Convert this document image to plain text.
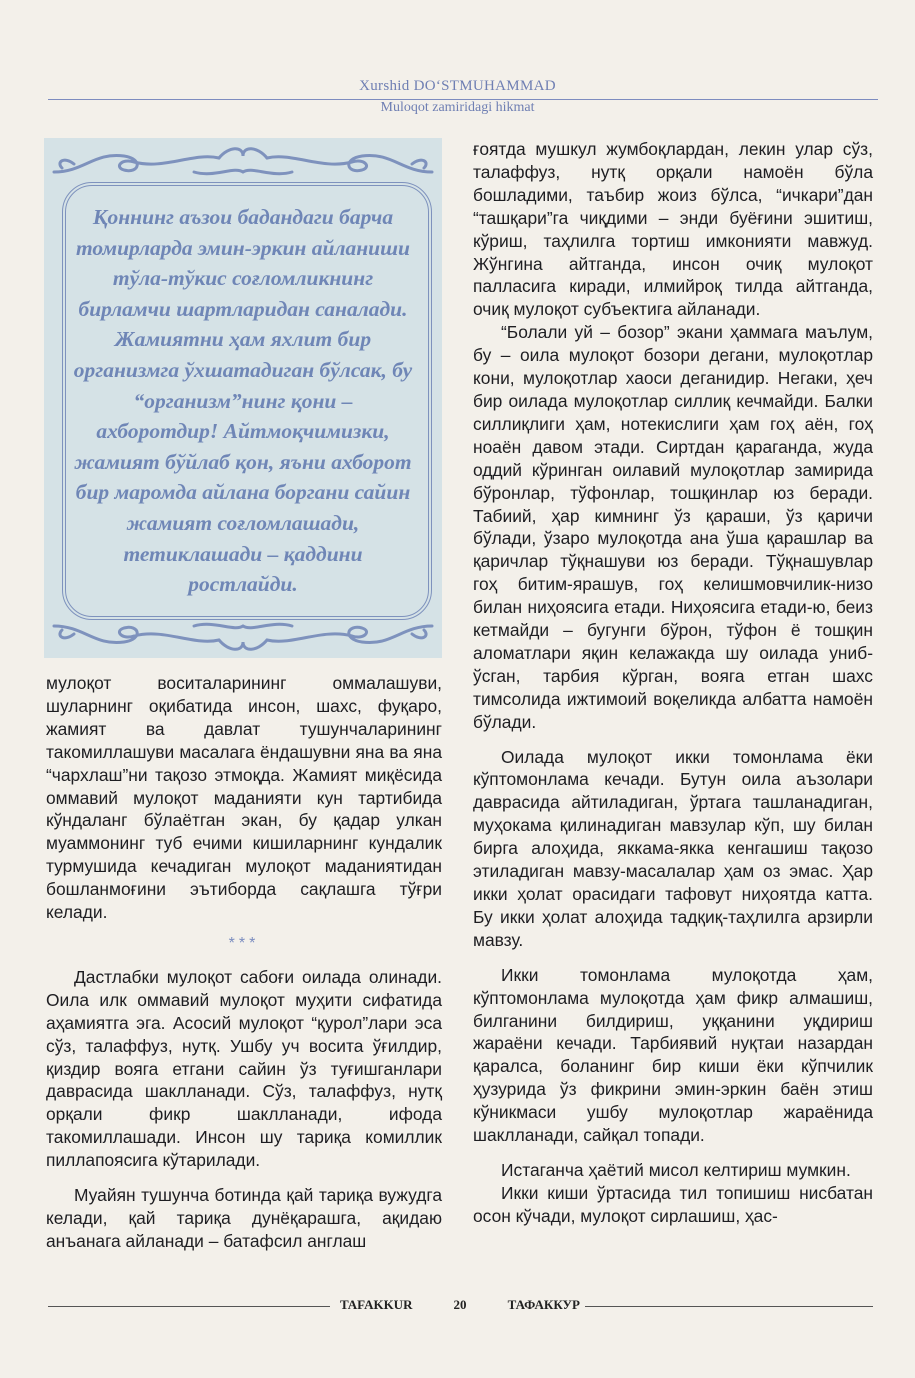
Xurshid DO‘STMUHAMMAD
Muloqot zamiridagi hikmat
Қоннинг аъзои бадандаги барча томирларда эмин-эркин айланиши тўла-тўкис соғломликнинг бирламчи шартларидан саналади. Жамиятни ҳам яхлит бир организмга ўхшатадиган бўлсак, бу “организм”нинг қони – ахборотдир! Айтмоқчимизки, жамият бўйлаб қон, яъни ахборот бир маромда айлана боргани сайин жамият соғломлашади, тетиклашади – қаддини ростлайди.

мулоқот воситаларининг оммалашуви, шуларнинг оқибатида инсон, шахс, фуқаро, жамият ва давлат тушунчаларининг такомиллашуви масалага ёндашувни яна ва яна “чархлаш”ни тақозо этмоқда. Жамият миқёсида оммавий мулоқот маданияти кун тартибида кўндаланг бўлаётган экан, бу қадар улкан муаммонинг туб ечими кишиларнинг кундалик турмушида кечадиган мулоқот маданиятидан бошланмоғини эътиборда сақлашга тўғри келади.

***

Дастлабки мулоқот сабоғи оилада олинади. Оила илк оммавий мулоқот муҳити сифатида аҳамиятга эга. Асосий мулоқот “қурол”лари эса сўз, талаффуз, нутқ. Ушбу уч восита ўғилдир, қиздир вояга етгани сайин ўз туғишганлари даврасида шаклланади. Сўз, талаффуз, нутқ орқали фикр шаклланади, ифода такомиллашади. Инсон шу тариқа комиллик пиллапоясига кўтарилади.

Муайян тушунча ботинда қай тариқа вужудга келади, қай тариқа дунёқарашга, ақидаю анъанага айланади – батафсил англаш

ғоятда мушкул жумбоқлардан, лекин улар сўз, талаффуз, нутқ орқали намоён бўла бошладими, таъбир жоиз бўлса, “ичкари”дан “ташқари”га чиқдими – энди буёғини эшитиш, кўриш, таҳлилга тортиш имконияти мавжуд. Жўнгина айтганда, инсон очиқ мулоқот палласига киради, илмийроқ тилда айтганда, очиқ мулоқот субъектига айланади.

“Болали уй – бозор” экани ҳаммага маълум, бу – оила мулоқот бозори дегани, мулоқотлар кони, мулоқотлар хаоси деганидир. Негаки, ҳеч бир оилада мулоқотлар силлиқ кечмайди. Балки силлиқлиги ҳам, нотекислиги ҳам гоҳ аён, гоҳ ноаён давом этади. Сиртдан қараганда, жуда оддий кўринган оилавий мулоқотлар замирида бўронлар, тўфонлар, тошқинлар юз беради. Табиий, ҳар кимнинг ўз қараши, ўз қаричи бўлади, ўзаро мулоқотда ана ўша қарашлар ва қаричлар тўқнашуви юз беради. Тўқнашувлар гоҳ битим-ярашув, гоҳ келишмовчилик-низо билан ниҳоясига етади. Ниҳоясига етади-ю, беиз кетмайди – бугунги бўрон, тўфон ё тошқин аломатлари яқин келажакда шу оилада униб-ўсган, тарбия кўрган, вояга етган шахс тимсолида ижтимоий воқеликда албатта намоён бўлади.

Оилада мулоқот икки томонлама ёки кўптомонлама кечади. Бутун оила аъзолари даврасида айтиладиган, ўртага ташланадиган, муҳокама қилинадиган мавзулар кўп, шу билан бирга алоҳида, яккама-якка кенгашиш тақозо этиладиган мавзу-масалалар ҳам оз эмас. Ҳар икки ҳолат орасидаги тафовут ниҳоятда катта. Бу икки ҳолат алоҳида тадқиқ-таҳлилга арзирли мавзу.

Икки томонлама мулоқотда ҳам, кўптомонлама мулоқотда ҳам фикр алмашиш, билганини билдириш, уққанини уқдириш жараёни кечади. Тарбиявий нуқтаи назардан қаралса, боланинг бир киши ёки кўпчилик ҳузурида ўз фикрини эмин-эркин баён этиш кўникмаси ушбу мулоқотлар жараёнида шаклланади, сайқал топади.

Истаганча ҳаётий мисол келтириш мумкин.

Икки киши ўртасида тил топишиш нисбатан осон кўчади, мулоқот сирлашиш, ҳас-

TAFAKKUR	20	ТАФАККУР
